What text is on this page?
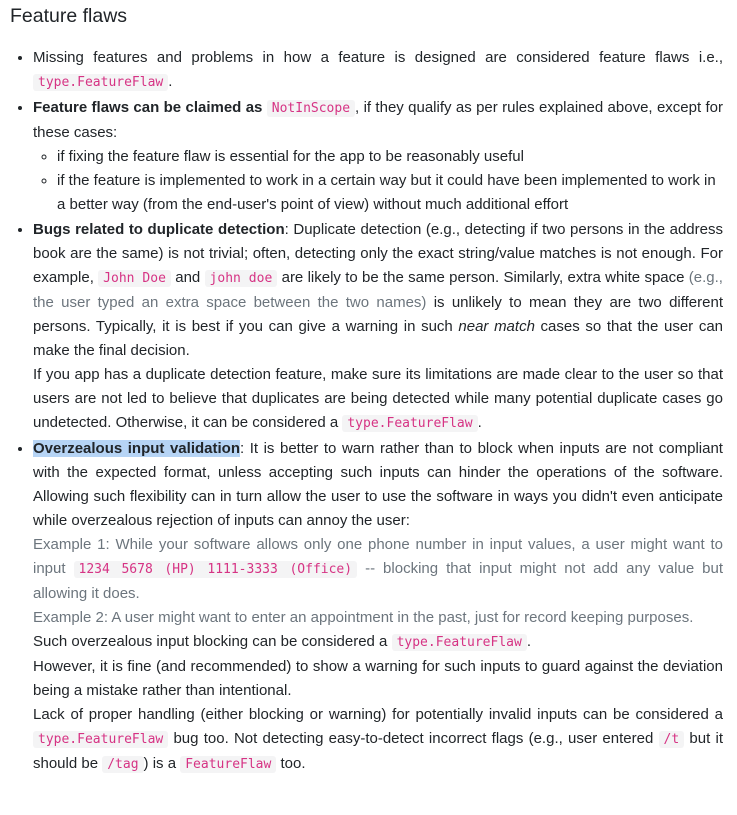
Feature flaws
• Missing features and problems in how a feature is designed are considered feature flaws i.e., type.FeatureFlaw .
• Feature flaws can be claimed as NotInScope , if they qualify as per rules explained above, except for these cases:
◦ if fixing the feature flaw is essential for the app to be reasonably useful
◦ if the feature is implemented to work in a certain way but it could have been implemented to work in a better way (from the end-user's point of view) without much additional effort
• Bugs related to duplicate detection: Duplicate detection (e.g., detecting if two persons in the address book are the same) is not trivial; often, detecting only the exact string/value matches is not enough. For example, John Doe and john doe are likely to be the same person. Similarly, extra white space (e.g., the user typed an extra space between the two names) is unlikely to mean they are two different persons. Typically, it is best if you can give a warning in such near match cases so that the user can make the final decision.
If you app has a duplicate detection feature, make sure its limitations are made clear to the user so that users are not led to believe that duplicates are being detected while many potential duplicate cases go undetected. Otherwise, it can be considered a type.FeatureFlaw .
• Overzealous input validation: It is better to warn rather than to block when inputs are not compliant with the expected format, unless accepting such inputs can hinder the operations of the software. Allowing such flexibility can in turn allow the user to use the software in ways you didn't even anticipate while overzealous rejection of inputs can annoy the user:
Example 1: While your software allows only one phone number in input values, a user might want to input 1234 5678 (HP) 1111-3333 (Office) -- blocking that input might not add any value but allowing it does.
Example 2: A user might want to enter an appointment in the past, just for record keeping purposes.
Such overzealous input blocking can be considered a type.FeatureFlaw .
However, it is fine (and recommended) to show a warning for such inputs to guard against the deviation being a mistake rather than intentional.
Lack of proper handling (either blocking or warning) for potentially invalid inputs can be considered a type.FeatureFlaw bug too. Not detecting easy-to-detect incorrect flags (e.g., user entered /t but it should be /tag ) is a FeatureFlaw too.
